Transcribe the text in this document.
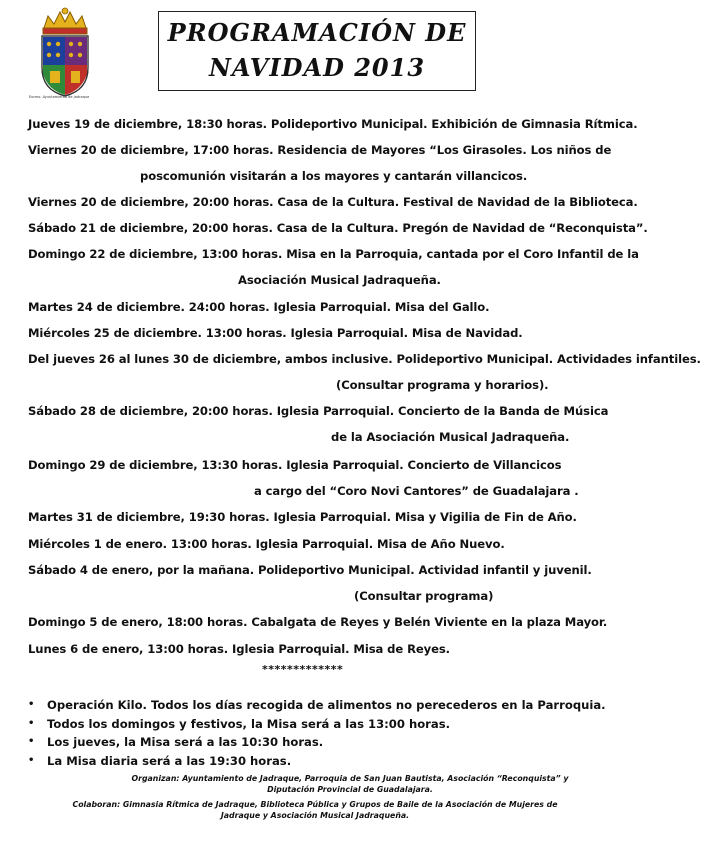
Excmo. Ayuntamiento de Jadraque
PROGRAMACIÓN DE
NAVIDAD 2013
Jueves 19 de diciembre, 18:30 horas. Polideportivo Municipal. Exhibición de Gimnasia Rítmica.
Viernes 20 de diciembre, 17:00 horas. Residencia de Mayores “Los Girasoles. Los niños de
poscomunión visitarán a los mayores y cantarán villancicos.
Viernes 20 de diciembre, 20:00 horas. Casa de la Cultura. Festival de Navidad de la Biblioteca.
Sábado 21 de diciembre, 20:00 horas. Casa de la Cultura. Pregón de Navidad de “Reconquista”.
Domingo 22 de diciembre, 13:00 horas. Misa en la Parroquia, cantada por el Coro Infantil de la
Asociación Musical Jadraqueña.
Martes 24 de diciembre. 24:00 horas. Iglesia Parroquial. Misa del Gallo.
Miércoles 25 de diciembre. 13:00 horas. Iglesia Parroquial. Misa de Navidad.
Del jueves 26 al lunes 30 de diciembre, ambos inclusive. Polideportivo Municipal. Actividades infantiles.
(Consultar programa y horarios).
Sábado 28 de diciembre, 20:00 horas. Iglesia Parroquial. Concierto de la Banda de Música
de la Asociación Musical Jadraqueña.
Domingo 29 de diciembre, 13:30 horas. Iglesia Parroquial. Concierto de Villancicos
a cargo del “Coro Novi Cantores” de Guadalajara .
Martes 31 de diciembre, 19:30 horas. Iglesia Parroquial. Misa y Vigilia de Fin de Año.
Miércoles 1 de enero. 13:00 horas. Iglesia Parroquial. Misa de Año Nuevo.
Sábado 4 de enero, por la mañana. Polideportivo Municipal. Actividad infantil y juvenil.
(Consultar programa)
Domingo 5 de enero, 18:00 horas. Cabalgata de Reyes y Belén Viviente en la plaza Mayor.
Lunes 6 de enero, 13:00 horas. Iglesia Parroquial. Misa de Reyes.
*************
• Operación Kilo. Todos los días recogida de alimentos no perecederos en la Parroquia.
• Todos los domingos y festivos, la Misa será a las 13:00 horas.
• Los jueves, la Misa será a las 10:30 horas.
• La Misa diaria será a las 19:30 horas.
Organizan: Ayuntamiento de Jadraque, Parroquia de San Juan Bautista, Asociación “Reconquista” y
Diputación Provincial de Guadalajara.
Colaboran: Gimnasia Rítmica de Jadraque, Biblioteca Pública y Grupos de Baile de la Asociación de Mujeres de
Jadraque y Asociación Musical Jadraqueña.
